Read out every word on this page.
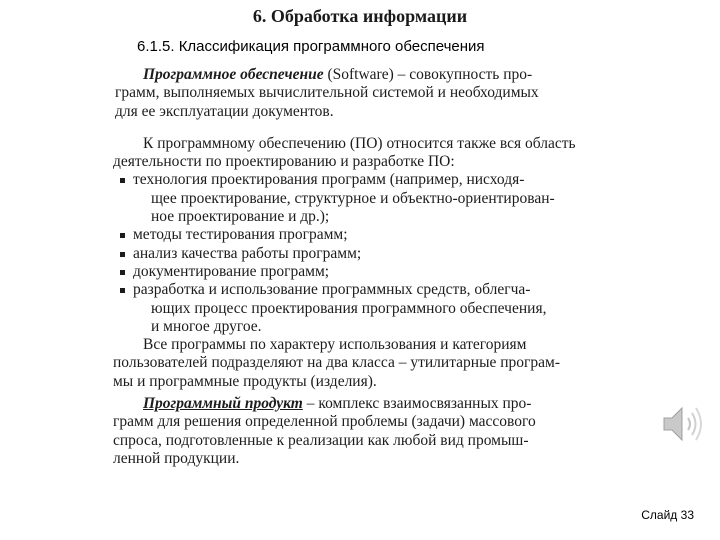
6. Обработка информации
6.1.5. Классификация программного обеспечения
Программное обеспечение (Software) – совокупность про-
грамм, выполняемых вычислительной системой и необходимых
для ее эксплуатации документов.
К программному обеспечению (ПО) относится также вся область
деятельности по проектированию и разработке ПО:
технология проектирования программ (например, нисходя-
щее проектирование, структурное и объектно-ориентирован-
ное проектирование и др.);
методы тестирования программ;
анализ качества работы программ;
документирование программ;
разработка и использование программных средств, облегча-
ющих процесс проектирования программного обеспечения,
и многое другое.
Все программы по характеру использования и категориям
пользователей подразделяют на два класса – утилитарные програм-
мы и программные продукты (изделия).
Программный продукт – комплекс взаимосвязанных про-
грамм для решения определенной проблемы (задачи) массового
спроса, подготовленные к реализации как любой вид промыш-
ленной продукции.
Слайд 33
